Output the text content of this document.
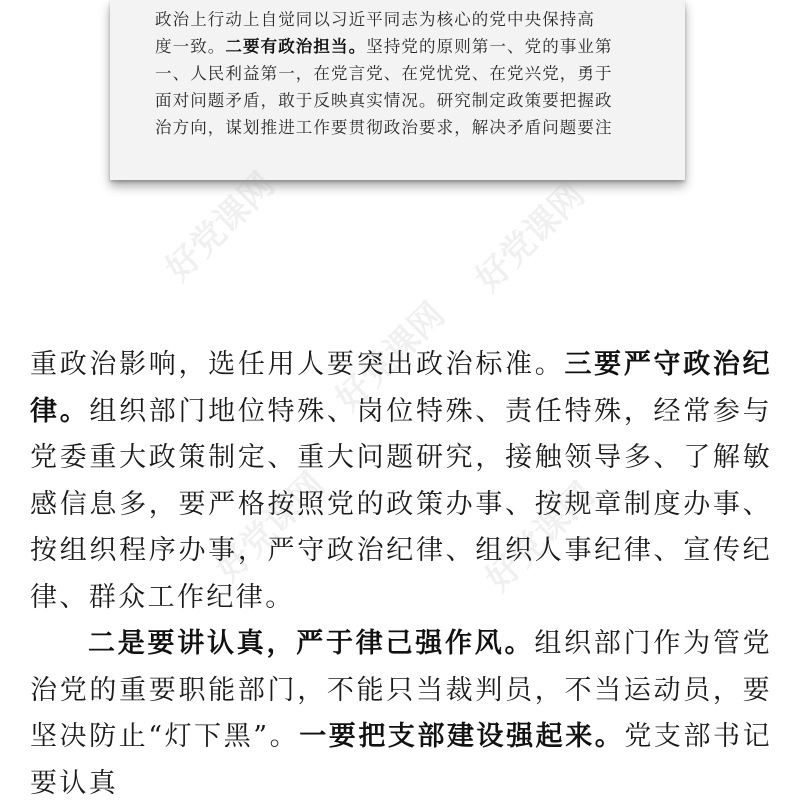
政治上行动上自觉同以习近平同志为核心的党中央保持高

度一致。二要有政治担当。坚持党的原则第一、党的事业第

一、人民利益第一，在党言党、在党忧党、在党兴党，勇于

面对问题矛盾，敢于反映真实情况。研究制定政策要把握政

治方向，谋划推进工作要贯彻政治要求，解决矛盾问题要注

好党课网	好党课网
好党课网
好党课网	好党课网

重政治影响，选任用人要突出政治标准。三要严守政治纪律。组织部门地位特殊、岗位特殊、责任特殊，经常参与党委重大政策制定、重大问题研究，接触领导多、了解敏感信息多，要严格按照党的政策办事、按规章制度办事、按组织程序办事，严守政治纪律、组织人事纪律、宣传纪律、群众工作纪律。

二是要讲认真，严于律己强作风。组织部门作为管党治党的重要职能部门，不能只当裁判员，不当运动员，要坚决防止“灯下黑”。一要把支部建设强起来。党支部书记要认真
